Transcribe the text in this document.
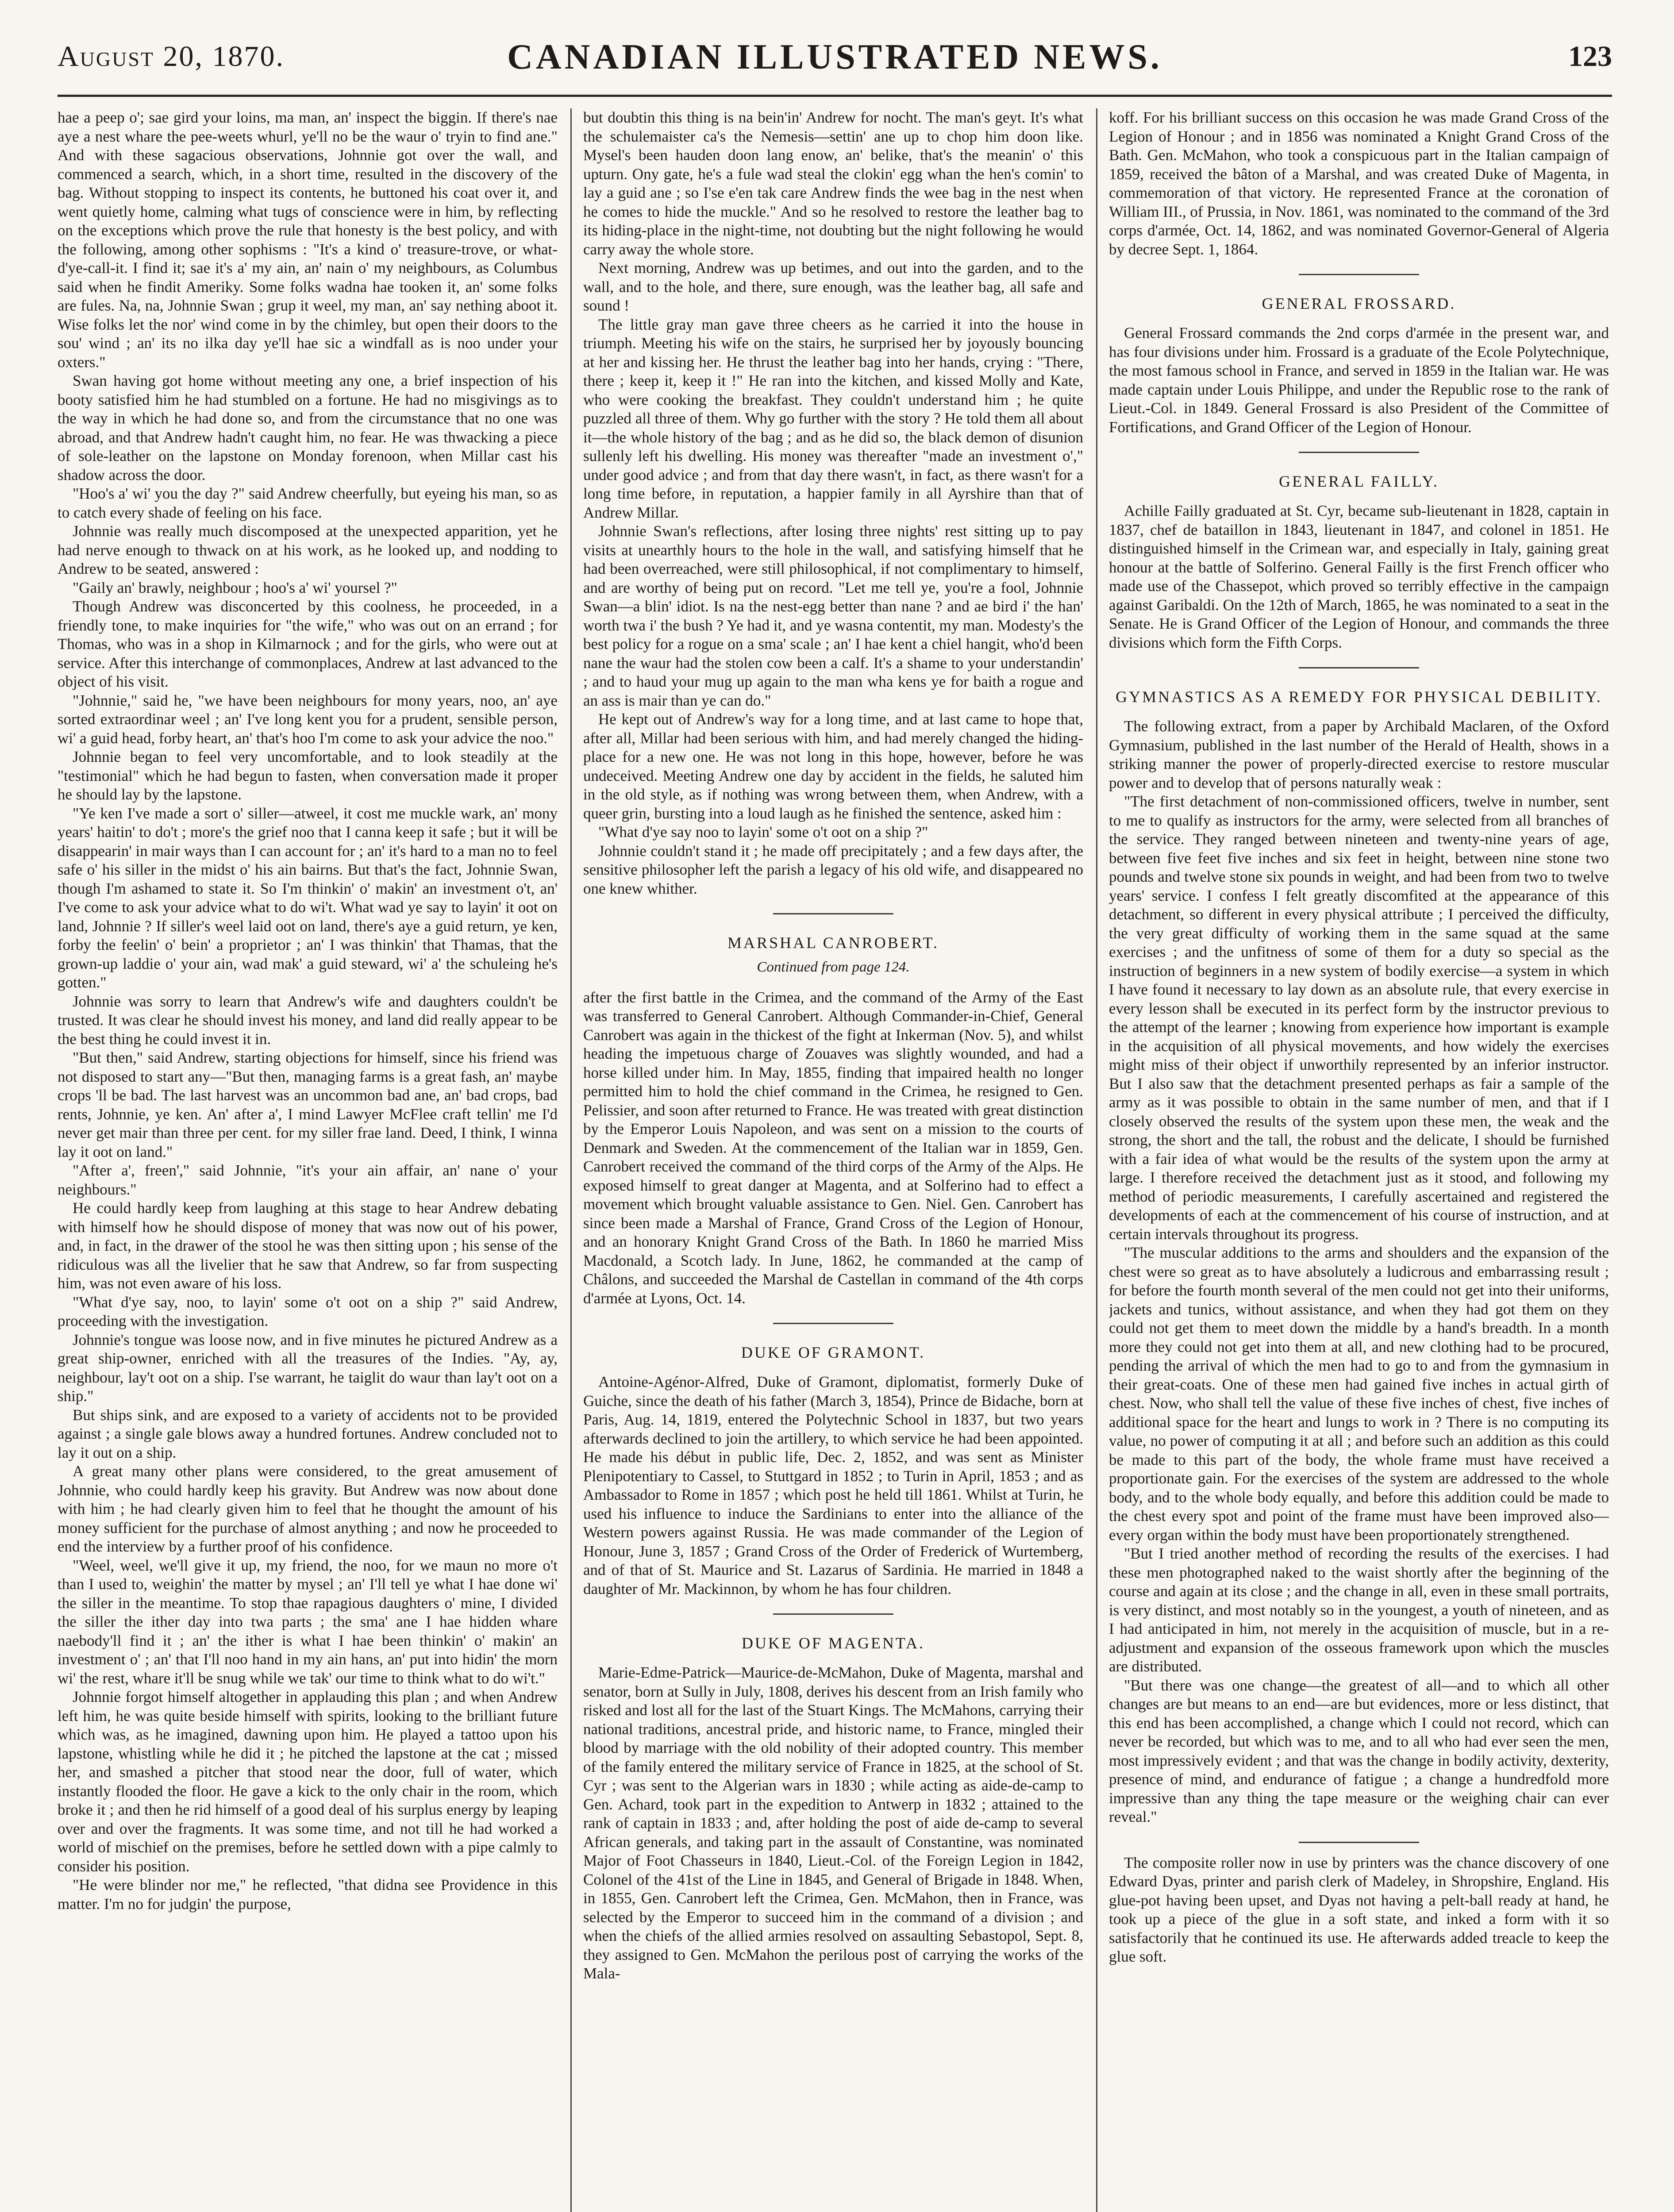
August 20, 1870.	CANADIAN ILLUSTRATED NEWS.	123

hae a peep o'; sae gird your loins, ma man, an' inspect the biggin. If there's nae aye a nest whare the pee-weets whurl, ye'll no be the waur o' tryin to find ane." And with these sagacious observations, Johnnie got over the wall, and commenced a search, which, in a short time, resulted in the discovery of the bag. Without stopping to inspect its contents, he buttoned his coat over it, and went quietly home, calming what tugs of conscience were in him, by reflecting on the exceptions which prove the rule that honesty is the best policy, and with the following, among other sophisms : "It's a kind o' treasure-trove, or what-d'ye-call-it. I find it; sae it's a' my ain, an' nain o' my neighbours, as Columbus said when he findit Ameriky. Some folks wadna hae tooken it, an' some folks are fules. Na, na, Johnnie Swan ; grup it weel, my man, an' say nething aboot it. Wise folks let the nor' wind come in by the chimley, but open their doors to the sou' wind ; an' its no ilka day ye'll hae sic a windfall as is noo under your oxters."

Swan having got home without meeting any one, a brief inspection of his booty satisfied him he had stumbled on a fortune. He had no misgivings as to the way in which he had done so, and from the circumstance that no one was abroad, and that Andrew hadn't caught him, no fear. He was thwacking a piece of sole-leather on the lapstone on Monday forenoon, when Millar cast his shadow across the door.

"Hoo's a' wi' you the day ?" said Andrew cheerfully, but eyeing his man, so as to catch every shade of feeling on his face.

Johnnie was really much discomposed at the unexpected apparition, yet he had nerve enough to thwack on at his work, as he looked up, and nodding to Andrew to be seated, answered :

"Gaily an' brawly, neighbour ; hoo's a' wi' yoursel ?"

Though Andrew was disconcerted by this coolness, he proceeded, in a friendly tone, to make inquiries for "the wife," who was out on an errand ; for Thomas, who was in a shop in Kilmarnock ; and for the girls, who were out at service. After this interchange of commonplaces, Andrew at last advanced to the object of his visit.

"Johnnie," said he, "we have been neighbours for mony years, noo, an' aye sorted extraordinar weel ; an' I've long kent you for a prudent, sensible person, wi' a guid head, forby heart, an' that's hoo I'm come to ask your advice the noo."

Johnnie began to feel very uncomfortable, and to look steadily at the "testimonial" which he had begun to fasten, when conversation made it proper he should lay by the lapstone.

"Ye ken I've made a sort o' siller—atweel, it cost me muckle wark, an' mony years' haitin' to do't ; more's the grief noo that I canna keep it safe ; but it will be disappearin' in mair ways than I can account for ; an' it's hard to a man no to feel safe o' his siller in the midst o' his ain bairns. But that's the fact, Johnnie Swan, though I'm ashamed to state it. So I'm thinkin' o' makin' an investment o't, an' I've come to ask your advice what to do wi't. What wad ye say to layin' it oot on land, Johnnie ? If siller's weel laid oot on land, there's aye a guid return, ye ken, forby the feelin' o' bein' a proprietor ; an' I was thinkin' that Thamas, that the grown-up laddie o' your ain, wad mak' a guid steward, wi' a' the schuleing he's gotten."

Johnnie was sorry to learn that Andrew's wife and daughters couldn't be trusted. It was clear he should invest his money, and land did really appear to be the best thing he could invest it in.

"But then," said Andrew, starting objections for himself, since his friend was not disposed to start any—"But then, managing farms is a great fash, an' maybe crops 'll be bad. The last harvest was an uncommon bad ane, an' bad crops, bad rents, Johnnie, ye ken. An' after a', I mind Lawyer McFlee craft tellin' me I'd never get mair than three per cent. for my siller frae land. Deed, I think, I winna lay it oot on land."

"After a', freen'," said Johnnie, "it's your ain affair, an' nane o' your neighbours."

He could hardly keep from laughing at this stage to hear Andrew debating with himself how he should dispose of money that was now out of his power, and, in fact, in the drawer of the stool he was then sitting upon ; his sense of the ridiculous was all the livelier that he saw that Andrew, so far from suspecting him, was not even aware of his loss.

"What d'ye say, noo, to layin' some o't oot on a ship ?" said Andrew, proceeding with the investigation.

Johnnie's tongue was loose now, and in five minutes he pictured Andrew as a great ship-owner, enriched with all the treasures of the Indies. "Ay, ay, neighbour, lay't oot on a ship. I'se warrant, he taiglit do waur than lay't oot on a ship."

But ships sink, and are exposed to a variety of accidents not to be provided against ; a single gale blows away a hundred fortunes. Andrew concluded not to lay it out on a ship.

A great many other plans were considered, to the great amusement of Johnnie, who could hardly keep his gravity. But Andrew was now about done with him ; he had clearly given him to feel that he thought the amount of his money sufficient for the purchase of almost anything ; and now he proceeded to end the interview by a further proof of his confidence.

"Weel, weel, we'll give it up, my friend, the noo, for we maun no more o't than I used to, weighin' the matter by mysel ; an' I'll tell ye what I hae done wi' the siller in the meantime. To stop thae rapagious daughters o' mine, I divided the siller the ither day into twa parts ; the sma' ane I hae hidden whare naebody'll find it ; an' the ither is what I hae been thinkin' o' makin' an investment o' ; an' that I'll noo hand in my ain hans, an' put into hidin' the morn wi' the rest, whare it'll be snug while we tak' our time to think what to do wi't."

Johnnie forgot himself altogether in applauding this plan ; and when Andrew left him, he was quite beside himself with spirits, looking to the brilliant future which was, as he imagined, dawning upon him. He played a tattoo upon his lapstone, whistling while he did it ; he pitched the lapstone at the cat ; missed her, and smashed a pitcher that stood near the door, full of water, which instantly flooded the floor. He gave a kick to the only chair in the room, which broke it ; and then he rid himself of a good deal of his surplus energy by leaping over and over the fragments. It was some time, and not till he had worked a world of mischief on the premises, before he settled down with a pipe calmly to consider his position.

"He were blinder nor me," he reflected, "that didna see Providence in this matter. I'm no for judgin' the purpose,

but doubtin this thing is na bein'in' Andrew for nocht. The man's geyt. It's what the schulemaister ca's the Nemesis—settin' ane up to chop him doon like. Mysel's been hauden doon lang enow, an' belike, that's the meanin' o' this upturn. Ony gate, he's a fule wad steal the clokin' egg whan the hen's comin' to lay a guid ane ; so I'se e'en tak care Andrew finds the wee bag in the nest when he comes to hide the muckle." And so he resolved to restore the leather bag to its hiding-place in the night-time, not doubting but the night following he would carry away the whole store.

Next morning, Andrew was up betimes, and out into the garden, and to the wall, and to the hole, and there, sure enough, was the leather bag, all safe and sound !

The little gray man gave three cheers as he carried it into the house in triumph. Meeting his wife on the stairs, he surprised her by joyously bouncing at her and kissing her. He thrust the leather bag into her hands, crying : "There, there ; keep it, keep it !" He ran into the kitchen, and kissed Molly and Kate, who were cooking the breakfast. They couldn't understand him ; he quite puzzled all three of them. Why go further with the story ? He told them all about it—the whole history of the bag ; and as he did so, the black demon of disunion sullenly left his dwelling. His money was thereafter "made an investment o'," under good advice ; and from that day there wasn't, in fact, as there wasn't for a long time before, in reputation, a happier family in all Ayrshire than that of Andrew Millar.

Johnnie Swan's reflections, after losing three nights' rest sitting up to pay visits at unearthly hours to the hole in the wall, and satisfying himself that he had been overreached, were still philosophical, if not complimentary to himself, and are worthy of being put on record. "Let me tell ye, you're a fool, Johnnie Swan—a blin' idiot. Is na the nest-egg better than nane ? and ae bird i' the han' worth twa i' the bush ? Ye had it, and ye wasna contentit, my man. Modesty's the best policy for a rogue on a sma' scale ; an' I hae kent a chiel hangit, who'd been nane the waur had the stolen cow been a calf. It's a shame to your understandin' ; and to haud your mug up again to the man wha kens ye for baith a rogue and an ass is mair than ye can do."

He kept out of Andrew's way for a long time, and at last came to hope that, after all, Millar had been serious with him, and had merely changed the hiding-place for a new one. He was not long in this hope, however, before he was undeceived. Meeting Andrew one day by accident in the fields, he saluted him in the old style, as if nothing was wrong between them, when Andrew, with a queer grin, bursting into a loud laugh as he finished the sentence, asked him :

"What d'ye say noo to layin' some o't oot on a ship ?"

Johnnie couldn't stand it ; he made off precipitately ; and a few days after, the sensitive philosopher left the parish a legacy of his old wife, and disappeared no one knew whither.

MARSHAL CANROBERT.
Continued from page 124.

after the first battle in the Crimea, and the command of the Army of the East was transferred to General Canrobert. Although Commander-in-Chief, General Canrobert was again in the thickest of the fight at Inkerman (Nov. 5), and whilst heading the impetuous charge of Zouaves was slightly wounded, and had a horse killed under him. In May, 1855, finding that impaired health no longer permitted him to hold the chief command in the Crimea, he resigned to Gen. Pelissier, and soon after returned to France. He was treated with great distinction by the Emperor Louis Napoleon, and was sent on a mission to the courts of Denmark and Sweden. At the commencement of the Italian war in 1859, Gen. Canrobert received the command of the third corps of the Army of the Alps. He exposed himself to great danger at Magenta, and at Solferino had to effect a movement which brought valuable assistance to Gen. Niel. Gen. Canrobert has since been made a Marshal of France, Grand Cross of the Legion of Honour, and an honorary Knight Grand Cross of the Bath. In 1860 he married Miss Macdonald, a Scotch lady. In June, 1862, he commanded at the camp of Châlons, and succeeded the Marshal de Castellan in command of the 4th corps d'armée at Lyons, Oct. 14.

DUKE OF GRAMONT.

Antoine-Agénor-Alfred, Duke of Gramont, diplomatist, formerly Duke of Guiche, since the death of his father (March 3, 1854), Prince de Bidache, born at Paris, Aug. 14, 1819, entered the Polytechnic School in 1837, but two years afterwards declined to join the artillery, to which service he had been appointed. He made his début in public life, Dec. 2, 1852, and was sent as Minister Plenipotentiary to Cassel, to Stuttgard in 1852 ; to Turin in April, 1853 ; and as Ambassador to Rome in 1857 ; which post he held till 1861. Whilst at Turin, he used his influence to induce the Sardinians to enter into the alliance of the Western powers against Russia. He was made commander of the Legion of Honour, June 3, 1857 ; Grand Cross of the Order of Frederick of Wurtemberg, and of that of St. Maurice and St. Lazarus of Sardinia. He married in 1848 a daughter of Mr. Mackinnon, by whom he has four children.

DUKE OF MAGENTA.

Marie-Edme-Patrick—Maurice-de-McMahon, Duke of Magenta, marshal and senator, born at Sully in July, 1808, derives his descent from an Irish family who risked and lost all for the last of the Stuart Kings. The McMahons, carrying their national traditions, ancestral pride, and historic name, to France, mingled their blood by marriage with the old nobility of their adopted country. This member of the family entered the military service of France in 1825, at the school of St. Cyr ; was sent to the Algerian wars in 1830 ; while acting as aide-de-camp to Gen. Achard, took part in the expedition to Antwerp in 1832 ; attained to the rank of captain in 1833 ; and, after holding the post of aide de-camp to several African generals, and taking part in the assault of Constantine, was nominated Major of Foot Chasseurs in 1840, Lieut.-Col. of the Foreign Legion in 1842, Colonel of the 41st of the Line in 1845, and General of Brigade in 1848. When, in 1855, Gen. Canrobert left the Crimea, Gen. McMahon, then in France, was selected by the Emperor to succeed him in the command of a division ; and when the chiefs of the allied armies resolved on assaulting Sebastopol, Sept. 8, they assigned to Gen. McMahon the perilous post of carrying the works of the Mala-

koff. For his brilliant success on this occasion he was made Grand Cross of the Legion of Honour ; and in 1856 was nominated a Knight Grand Cross of the Bath. Gen. McMahon, who took a conspicuous part in the Italian campaign of 1859, received the bâton of a Marshal, and was created Duke of Magenta, in commemoration of that victory. He represented France at the coronation of William III., of Prussia, in Nov. 1861, was nominated to the command of the 3rd corps d'armée, Oct. 14, 1862, and was nominated Governor-General of Algeria by decree Sept. 1, 1864.

GENERAL FROSSARD.

General Frossard commands the 2nd corps d'armée in the present war, and has four divisions under him. Frossard is a graduate of the Ecole Polytechnique, the most famous school in France, and served in 1859 in the Italian war. He was made captain under Louis Philippe, and under the Republic rose to the rank of Lieut.-Col. in 1849. General Frossard is also President of the Committee of Fortifications, and Grand Officer of the Legion of Honour.

GENERAL FAILLY.

Achille Failly graduated at St. Cyr, became sub-lieutenant in 1828, captain in 1837, chef de bataillon in 1843, lieutenant in 1847, and colonel in 1851. He distinguished himself in the Crimean war, and especially in Italy, gaining great honour at the battle of Solferino. General Failly is the first French officer who made use of the Chassepot, which proved so terribly effective in the campaign against Garibaldi. On the 12th of March, 1865, he was nominated to a seat in the Senate. He is Grand Officer of the Legion of Honour, and commands the three divisions which form the Fifth Corps.

GYMNASTICS AS A REMEDY FOR PHYSICAL DEBILITY.

The following extract, from a paper by Archibald Maclaren, of the Oxford Gymnasium, published in the last number of the Herald of Health, shows in a striking manner the power of properly-directed exercise to restore muscular power and to develop that of persons naturally weak :

"The first detachment of non-commissioned officers, twelve in number, sent to me to qualify as instructors for the army, were selected from all branches of the service. They ranged between nineteen and twenty-nine years of age, between five feet five inches and six feet in height, between nine stone two pounds and twelve stone six pounds in weight, and had been from two to twelve years' service. I confess I felt greatly discomfited at the appearance of this detachment, so different in every physical attribute ; I perceived the difficulty, the very great difficulty of working them in the same squad at the same exercises ; and the unfitness of some of them for a duty so special as the instruction of beginners in a new system of bodily exercise—a system in which I have found it necessary to lay down as an absolute rule, that every exercise in every lesson shall be executed in its perfect form by the instructor previous to the attempt of the learner ; knowing from experience how important is example in the acquisition of all physical movements, and how widely the exercises might miss of their object if unworthily represented by an inferior instructor. But I also saw that the detachment presented perhaps as fair a sample of the army as it was possible to obtain in the same number of men, and that if I closely observed the results of the system upon these men, the weak and the strong, the short and the tall, the robust and the delicate, I should be furnished with a fair idea of what would be the results of the system upon the army at large. I therefore received the detachment just as it stood, and following my method of periodic measurements, I carefully ascertained and registered the developments of each at the commencement of his course of instruction, and at certain intervals throughout its progress.

"The muscular additions to the arms and shoulders and the expansion of the chest were so great as to have absolutely a ludicrous and embarrassing result ; for before the fourth month several of the men could not get into their uniforms, jackets and tunics, without assistance, and when they had got them on they could not get them to meet down the middle by a hand's breadth. In a month more they could not get into them at all, and new clothing had to be procured, pending the arrival of which the men had to go to and from the gymnasium in their great-coats. One of these men had gained five inches in actual girth of chest. Now, who shall tell the value of these five inches of chest, five inches of additional space for the heart and lungs to work in ? There is no computing its value, no power of computing it at all ; and before such an addition as this could be made to this part of the body, the whole frame must have received a proportionate gain. For the exercises of the system are addressed to the whole body, and to the whole body equally, and before this addition could be made to the chest every spot and point of the frame must have been improved also—every organ within the body must have been proportionately strengthened.

"But I tried another method of recording the results of the exercises. I had these men photographed naked to the waist shortly after the beginning of the course and again at its close ; and the change in all, even in these small portraits, is very distinct, and most notably so in the youngest, a youth of nineteen, and as I had anticipated in him, not merely in the acquisition of muscle, but in a re-adjustment and expansion of the osseous framework upon which the muscles are distributed.

"But there was one change—the greatest of all—and to which all other changes are but means to an end—are but evidences, more or less distinct, that this end has been accomplished, a change which I could not record, which can never be recorded, but which was to me, and to all who had ever seen the men, most impressively evident ; and that was the change in bodily activity, dexterity, presence of mind, and endurance of fatigue ; a change a hundredfold more impressive than any thing the tape measure or the weighing chair can ever reveal."

The composite roller now in use by printers was the chance discovery of one Edward Dyas, printer and parish clerk of Madeley, in Shropshire, England. His glue-pot having been upset, and Dyas not having a pelt-ball ready at hand, he took up a piece of the glue in a soft state, and inked a form with it so satisfactorily that he continued its use. He afterwards added treacle to keep the glue soft.
